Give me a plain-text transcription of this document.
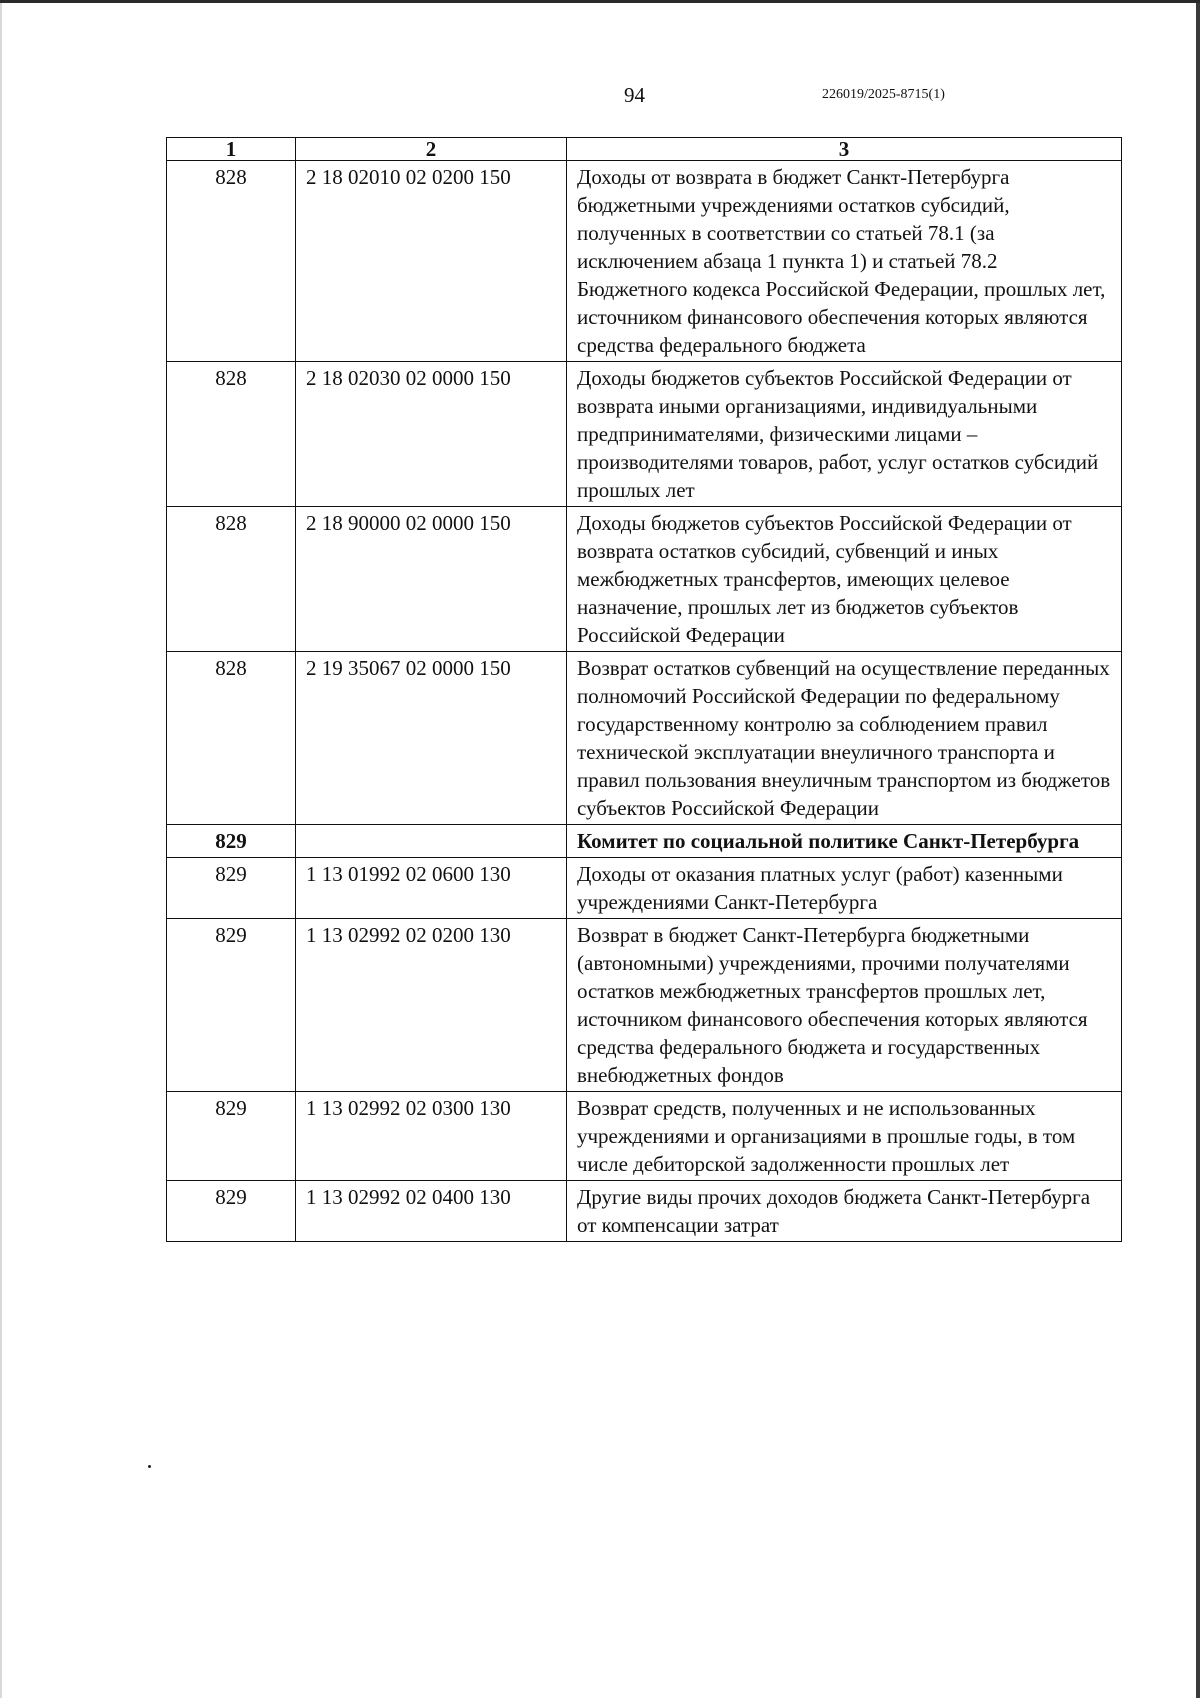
94	226019/2025-8715(1)
1	2	3
828	2 18 02010 02 0200 150	Доходы от возврата в бюджет Санкт-Петербурга бюджетными учреждениями остатков субсидий, полученных в соответствии со статьей 78.1 (за исключением абзаца 1 пункта 1) и статьей 78.2 Бюджетного кодекса Российской Федерации, прошлых лет, источником финансового обеспечения которых являются средства федерального бюджета
828	2 18 02030 02 0000 150	Доходы бюджетов субъектов Российской Федерации от возврата иными организациями, индивидуальными предпринимателями, физическими лицами – производителями товаров, работ, услуг остатков субсидий прошлых лет
828	2 18 90000 02 0000 150	Доходы бюджетов субъектов Российской Федерации от возврата остатков субсидий, субвенций и иных межбюджетных трансфертов, имеющих целевое назначение, прошлых лет из бюджетов субъектов Российской Федерации
828	2 19 35067 02 0000 150	Возврат остатков субвенций на осуществление переданных полномочий Российской Федерации по федеральному государственному контролю за соблюдением правил технической эксплуатации внеуличного транспорта и правил пользования внеуличным транспортом из бюджетов субъектов Российской Федерации
829		Комитет по социальной политике Санкт-Петербурга
829	1 13 01992 02 0600 130	Доходы от оказания платных услуг (работ) казенными учреждениями Санкт-Петербурга
829	1 13 02992 02 0200 130	Возврат в бюджет Санкт-Петербурга бюджетными (автономными) учреждениями, прочими получателями остатков межбюджетных трансфертов прошлых лет, источником финансового обеспечения которых являются средства федерального бюджета и государственных внебюджетных фондов
829	1 13 02992 02 0300 130	Возврат средств, полученных и не использованных учреждениями и организациями в прошлые годы, в том числе дебиторской задолженности прошлых лет
829	1 13 02992 02 0400 130	Другие виды прочих доходов бюджета Санкт-Петербурга от компенсации затрат
